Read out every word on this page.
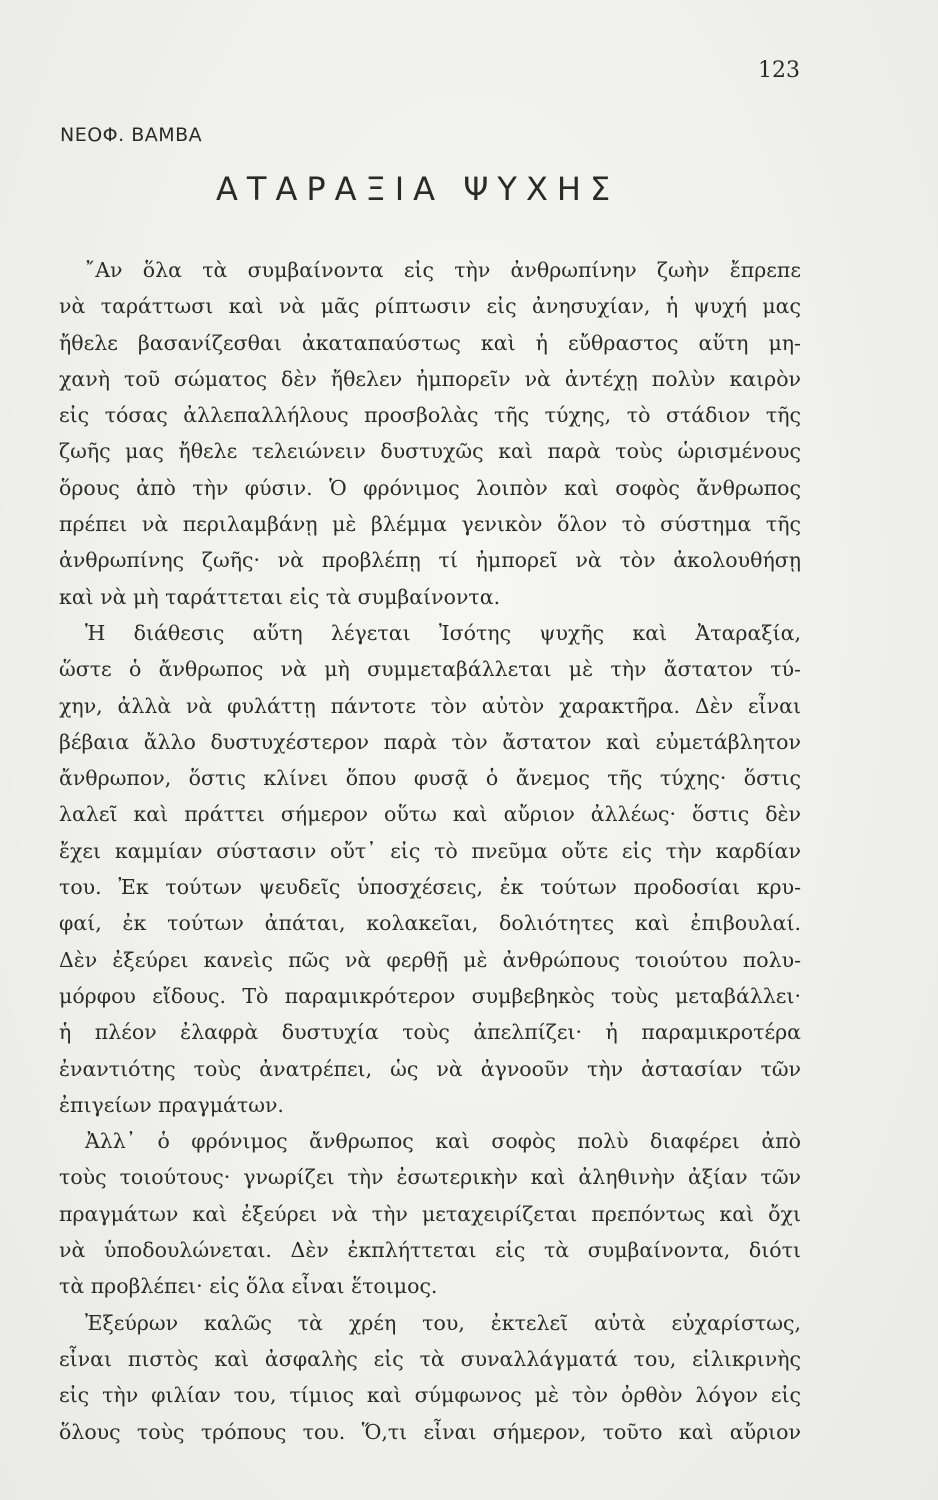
123
ΝΕΟΦ. ΒΑΜΒΑ
ΑΤΑΡΑΞΙΑ ΨΥΧΗΣ
῎Αν ὅλα τὰ συμβαίνοντα εἰς τὴν ἀνθρωπίνην ζωὴν ἔπρεπε
νὰ ταράττωσι καὶ νὰ μᾶς ρίπτωσιν εἰς ἀνησυχίαν, ἡ ψυχή μας
ἤθελε βασανίζεσθαι ἀκαταπαύστως καὶ ἡ εὔθραστος αὕτη μη-
χανὴ τοῦ σώματος δὲν ἤθελεν ἠμπορεῖν νὰ ἀντέχῃ πολὺν καιρὸν
εἰς τόσας ἀλλεπαλλήλους προσβολὰς τῆς τύχης, τὸ στάδιον τῆς
ζωῆς μας ἤθελε τελειώνειν δυστυχῶς καὶ παρὰ τοὺς ὡρισμένους
ὅρους ἀπὸ τὴν φύσιν. Ὁ φρόνιμος λοιπὸν καὶ σοφὸς ἄνθρωπος
πρέπει νὰ περιλαμβάνῃ μὲ βλέμμα γενικὸν ὅλον τὸ σύστημα τῆς
ἀνθρωπίνης ζωῆς· νὰ προβλέπῃ τί ἠμπορεῖ νὰ τὸν ἀκολουθήσῃ
καὶ νὰ μὴ ταράττεται εἰς τὰ συμβαίνοντα.
Ἡ διάθεσις αὕτη λέγεται Ἰσότης ψυχῆς καὶ Ἀταραξία,
ὥστε ὁ ἄνθρωπος νὰ μὴ συμμεταβάλλεται μὲ τὴν ἄστατον τύ-
χην, ἀλλὰ νὰ φυλάττῃ πάντοτε τὸν αὐτὸν χαρακτῆρα. Δὲν εἶναι
βέβαια ἄλλο δυστυχέστερον παρὰ τὸν ἄστατον καὶ εὐμετάβλητον
ἄνθρωπον, ὅστις κλίνει ὅπου φυσᾷ ὁ ἄνεμος τῆς τύχης· ὅστις
λαλεῖ καὶ πράττει σήμερον οὕτω καὶ αὔριον ἀλλέως· ὅστις δὲν
ἔχει καμμίαν σύστασιν οὔτ᾿ εἰς τὸ πνεῦμα οὔτε εἰς τὴν καρδίαν
του. Ἐκ τούτων ψευδεῖς ὑποσχέσεις, ἐκ τούτων προδοσίαι κρυ-
φαί, ἐκ τούτων ἀπάται, κολακεῖαι, δολιότητες καὶ ἐπιβουλαί.
Δὲν ἐξεύρει κανεὶς πῶς νὰ φερθῇ μὲ ἀνθρώπους τοιούτου πολυ-
μόρφου εἴδους. Τὸ παραμικρότερον συμβεβηκὸς τοὺς μεταβάλλει·
ἡ πλέον ἐλαφρὰ δυστυχία τοὺς ἀπελπίζει· ἡ παραμικροτέρα
ἐναντιότης τοὺς ἀνατρέπει, ὡς νὰ ἀγνοοῦν τὴν ἀστασίαν τῶν
ἐπιγείων πραγμάτων.
Ἀλλ᾿ ὁ φρόνιμος ἄνθρωπος καὶ σοφὸς πολὺ διαφέρει ἀπὸ
τοὺς τοιούτους· γνωρίζει τὴν ἐσωτερικὴν καὶ ἀληθινὴν ἀξίαν τῶν
πραγμάτων καὶ ἐξεύρει νὰ τὴν μεταχειρίζεται πρεπόντως καὶ ὄχι
νὰ ὑποδουλώνεται. Δὲν ἐκπλήττεται εἰς τὰ συμβαίνοντα, διότι
τὰ προβλέπει· εἰς ὅλα εἶναι ἕτοιμος.
Ἐξεύρων καλῶς τὰ χρέη του, ἐκτελεῖ αὐτὰ εὐχαρίστως,
εἶναι πιστὸς καὶ ἀσφαλὴς εἰς τὰ συναλλάγματά του, εἰλικρινὴς
εἰς τὴν φιλίαν του, τίμιος καὶ σύμφωνος μὲ τὸν ὀρθὸν λόγον εἰς
ὅλους τοὺς τρόπους του. Ὅ,τι εἶναι σήμερον, τοῦτο καὶ αὔριον
